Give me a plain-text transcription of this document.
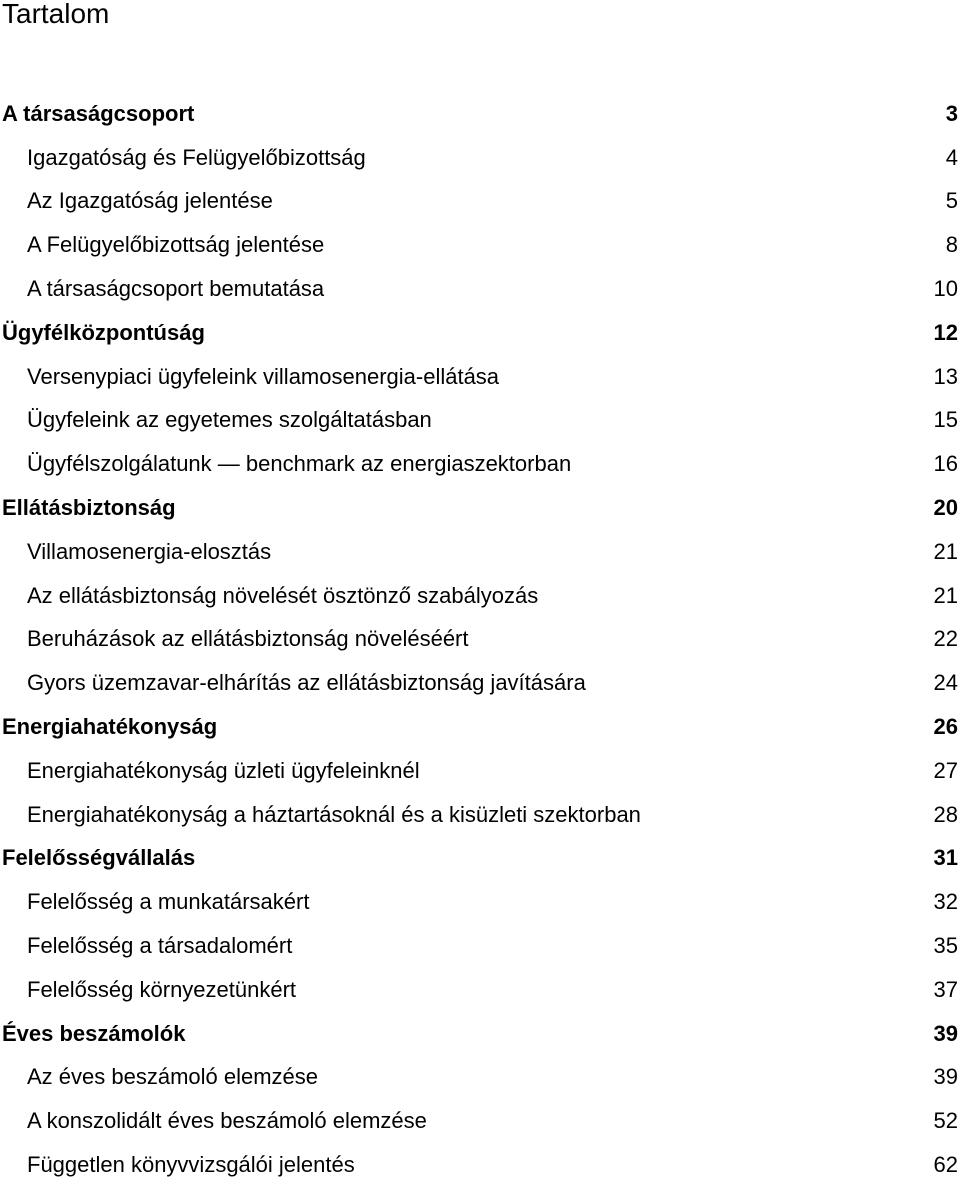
Tartalom
A társaságcsoport	3
Igazgatóság és Felügyelőbizottság	4
Az Igazgatóság jelentése	5
A Felügyelőbizottság jelentése	8
A társaságcsoport bemutatása	10
Ügyfélközpontúság	12
Versenypiaci ügyfeleink villamosenergia-ellátása	13
Ügyfeleink az egyetemes szolgáltatásban	15
Ügyfélszolgálatunk — benchmark az energiaszektorban	16
Ellátásbiztonság	20
Villamosenergia-elosztás	21
Az ellátásbiztonság növelését ösztönző szabályozás	21
Beruházások az ellátásbiztonság növeléséért	22
Gyors üzemzavar-elhárítás az ellátásbiztonság javítására	24
Energiahatékonyság	26
Energiahatékonyság üzleti ügyfeleinknél	27
Energiahatékonyság a háztartásoknál és a kisüzleti szektorban	28
Felelősségvállalás	31
Felelősség a munkatársakért	32
Felelősség a társadalomért	35
Felelősség környezetünkért	37
Éves beszámolók	39
Az éves beszámoló elemzése	39
A konszolidált éves beszámoló elemzése	52
Független könyvvizsgálói jelentés	62
